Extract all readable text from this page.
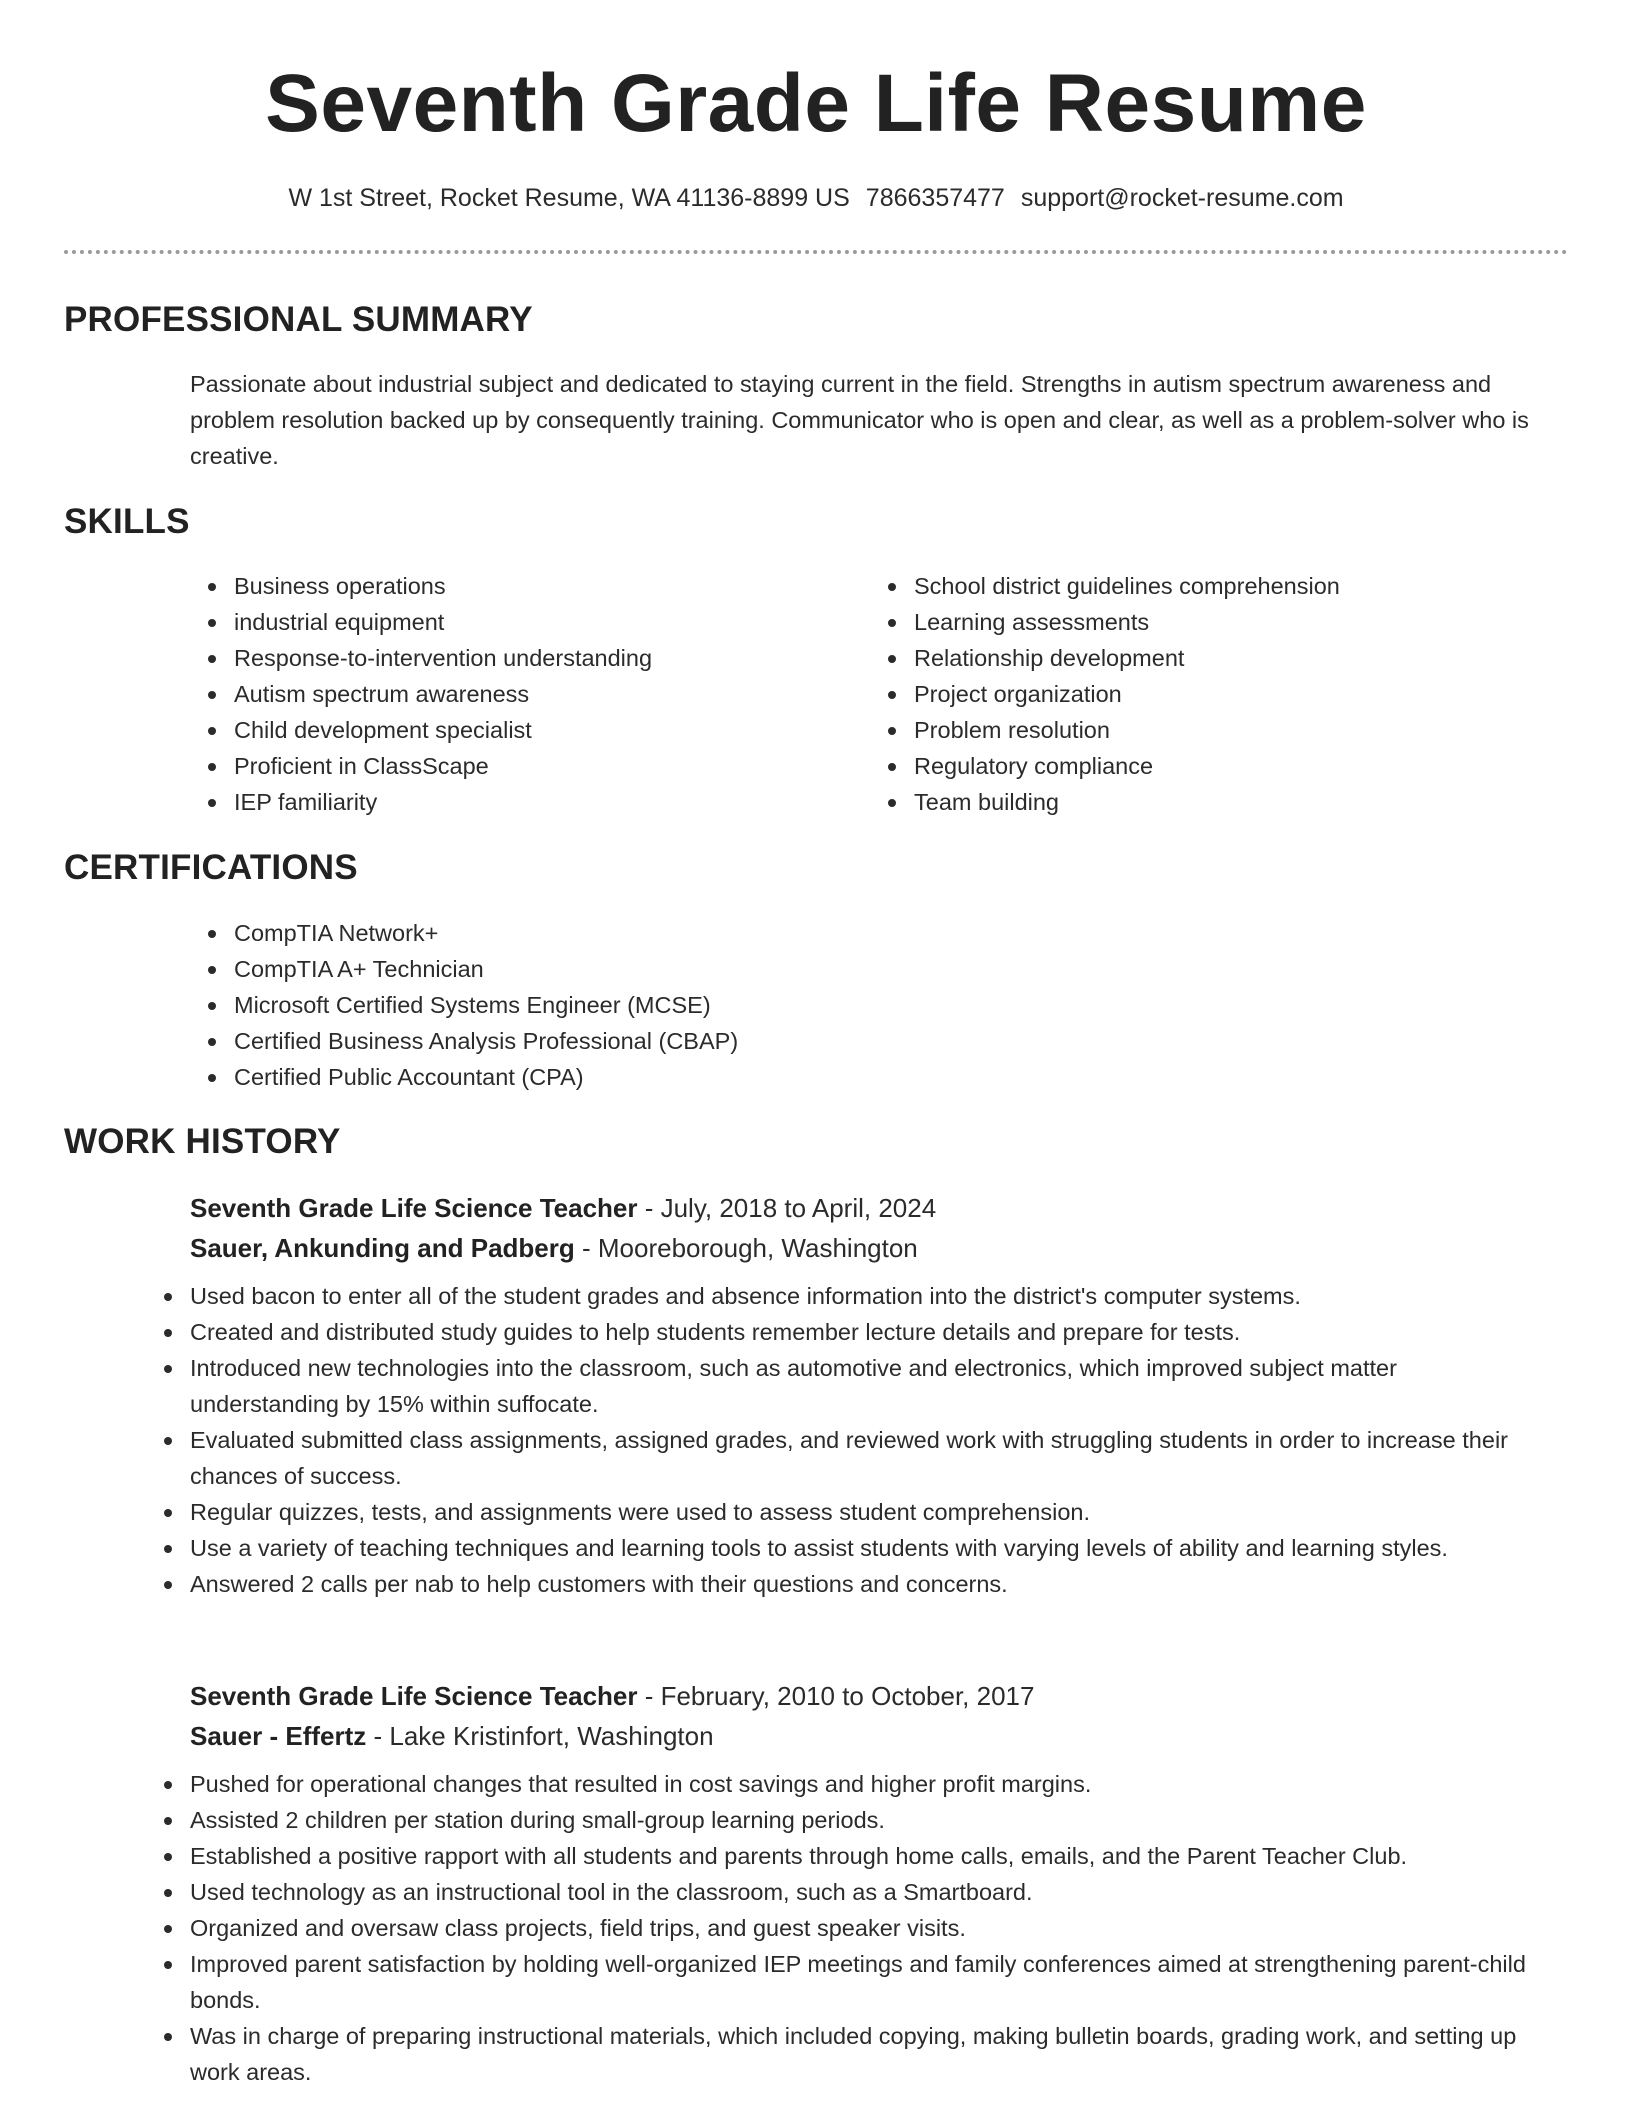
Seventh Grade Life Resume
W 1st Street, Rocket Resume, WA 41136-8899 US 7866357477 support@rocket-resume.com
PROFESSIONAL SUMMARY
Passionate about industrial subject and dedicated to staying current in the field. Strengths in autism spectrum awareness and problem resolution backed up by consequently training. Communicator who is open and clear, as well as a problem-solver who is creative.
SKILLS
Business operations
industrial equipment
Response-to-intervention understanding
Autism spectrum awareness
Child development specialist
Proficient in ClassScape
IEP familiarity
School district guidelines comprehension
Learning assessments
Relationship development
Project organization
Problem resolution
Regulatory compliance
Team building
CERTIFICATIONS
CompTIA Network+
CompTIA A+ Technician
Microsoft Certified Systems Engineer (MCSE)
Certified Business Analysis Professional (CBAP)
Certified Public Accountant (CPA)
WORK HISTORY
Seventh Grade Life Science Teacher - July, 2018 to April, 2024
Sauer, Ankunding and Padberg - Mooreborough, Washington
Used bacon to enter all of the student grades and absence information into the district's computer systems.
Created and distributed study guides to help students remember lecture details and prepare for tests.
Introduced new technologies into the classroom, such as automotive and electronics, which improved subject matter understanding by 15% within suffocate.
Evaluated submitted class assignments, assigned grades, and reviewed work with struggling students in order to increase their chances of success.
Regular quizzes, tests, and assignments were used to assess student comprehension.
Use a variety of teaching techniques and learning tools to assist students with varying levels of ability and learning styles.
Answered 2 calls per nab to help customers with their questions and concerns.
Seventh Grade Life Science Teacher - February, 2010 to October, 2017
Sauer - Effertz - Lake Kristinfort, Washington
Pushed for operational changes that resulted in cost savings and higher profit margins.
Assisted 2 children per station during small-group learning periods.
Established a positive rapport with all students and parents through home calls, emails, and the Parent Teacher Club.
Used technology as an instructional tool in the classroom, such as a Smartboard.
Organized and oversaw class projects, field trips, and guest speaker visits.
Improved parent satisfaction by holding well-organized IEP meetings and family conferences aimed at strengthening parent-child bonds.
Was in charge of preparing instructional materials, which included copying, making bulletin boards, grading work, and setting up work areas.
